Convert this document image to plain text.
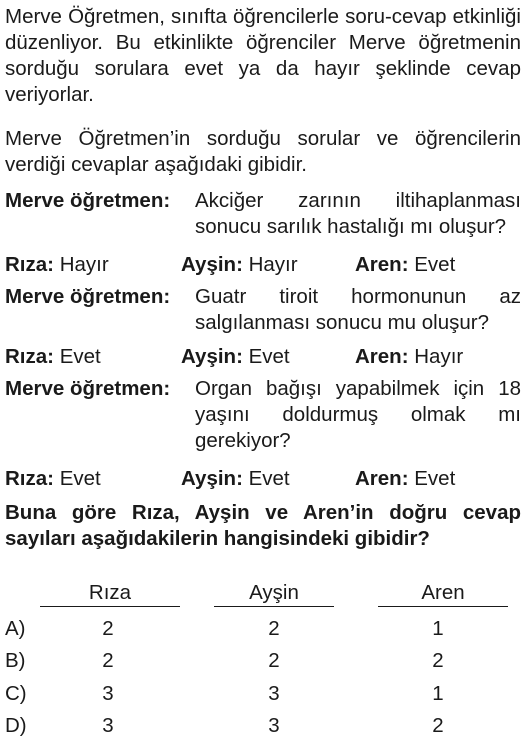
Merve Öğretmen, sınıfta öğrencilerle soru-cevap etkinliği düzenliyor. Bu etkinlikte öğrenciler Merve öğretmenin sorduğu sorulara evet ya da hayır şeklinde cevap veriyorlar.
Merve Öğretmen’in sorduğu sorular ve öğrencilerin verdiği cevaplar aşağıdaki gibidir.
Merve öğretmen: Akciğer zarının iltihaplanması sonucu sarılık hastalığı mı oluşur?
Rıza: Hayır	Ayşin: Hayır	Aren: Evet
Merve öğretmen: Guatr tiroit hormonunun az salgılanması sonucu mu oluşur?
Rıza: Evet	Ayşin: Evet	Aren: Hayır
Merve öğretmen: Organ bağışı yapabilmek için 18 yaşını doldurmuş olmak mı gerekiyor?
Rıza: Evet	Ayşin: Evet	Aren: Evet
Buna göre Rıza, Ayşin ve Aren’in doğru cevap sayıları aşağıdakilerin hangisindeki gibidir?
Rıza	Ayşin	Aren
A)	2	2	1
B)	2	2	2
C)	3	3	1
D)	3	3	2
